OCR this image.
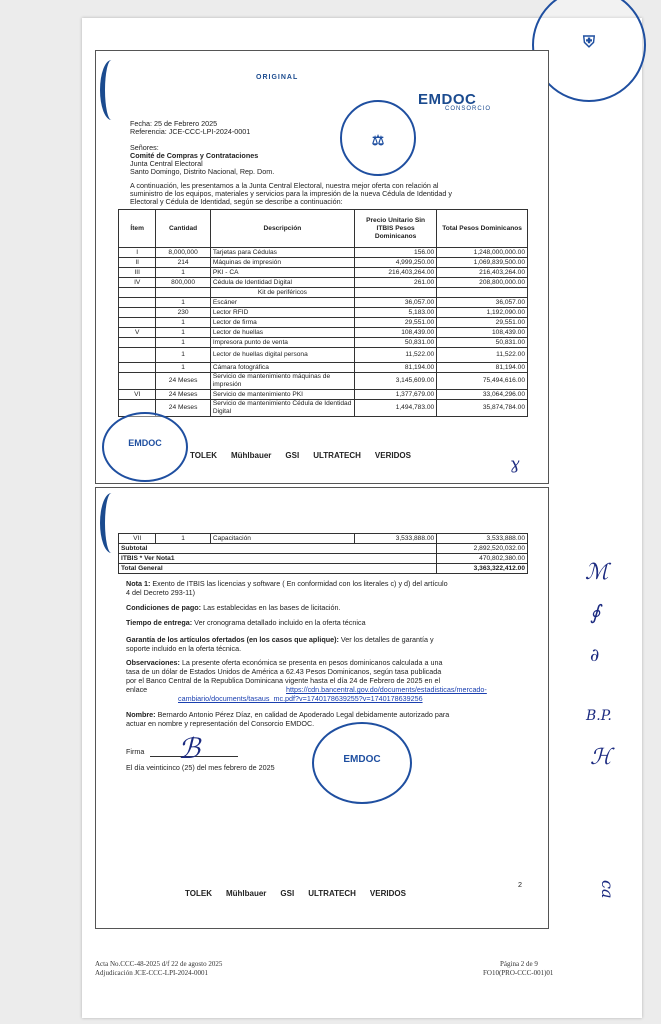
⛨
ORIGINAL
EMDOC
CONSORCIO
⚖
Fecha: 25 de Febrero 2025
Referencia: JCE-CCC-LPI-2024-0001
Señores:
Comité de Compras y Contrataciones
Junta Central Electoral
Santo Domingo, Distrito Nacional, Rep. Dom.
A continuación, les presentamos a la Junta Central Electoral, nuestra mejor oferta con relación al
suministro de los equipos, materiales y servicios para la impresión de la nueva Cédula de Identidad y
Electoral y Cédula de Identidad, según se describe a continuación:
Ítem	Cantidad	Descripción	Precio Unitario Sin ITBIS Pesos Dominicanos	Total Pesos Dominicanos
I	8,000,000	Tarjetas para Cédulas	156.00	1,248,000,000.00
II	214	Máquinas de impresión	4,999,250.00	1,069,839,500.00
III	1	PKI - CA	216,403,264.00	216,403,264.00
IV	800,000	Cédula de Identidad Digital	261.00	208,800,000.00
		Kit de periféricos		
	1	Escáner	36,057.00	36,057.00
	230	Lector RFID	5,183.00	1,192,090.00
	1	Lector de firma	29,551.00	29,551.00
V	1	Lector de huellas	108,439.00	108,439.00
	1	Impresora punto de venta	50,831.00	50,831.00
	1	Lector de huellas digital persona	11,522.00	11,522.00
	1	Cámara fotográfica	81,194.00	81,194.00
	24 Meses	Servicio de mantenimiento máquinas de impresión	3,145,609.00	75,494,616.00
VI	24 Meses	Servicio de mantenimiento PKI	1,377,679.00	33,064,296.00
	24 Meses	Servicio de mantenimiento Cédula de Identidad Digital	1,494,783.00	35,874,784.00
EMDOC
TOLEK Mühlbauer GSI ULTRATECH VERIDOS	ɣ
VII	1	Capacitación	3,533,888.00	3,533,888.00
Subtotal				2,892,520,032.00
ITBIS * Ver Nota1				470,802,380.00
Total General				3,363,322,412.00
Nota 1: Exento de ITBIS las licencias y software ( En conformidad con los literales c) y d) del artículo
4 del Decreto 293-11)
Condiciones de pago: Las establecidas en las bases de licitación.
Tiempo de entrega: Ver cronograma detallado incluido en la oferta técnica
Garantía de los artículos ofertados (en los casos que aplique): Ver los detalles de garantía y
soporte incluido en la oferta técnica.
Observaciones: La presente oferta económica se presenta en pesos dominicanos calculada a una
tasa de un dólar de Estados Unidos de América a 62.43 Pesos Dominicanos, según tasa publicada
por el Banco Central de la Republica Dominicana vigente hasta el día 24 de Febrero de 2025 en el
enlace	https://cdn.bancentral.gov.do/documents/estadisticas/mercado-
cambiario/documents/tasaus_mc.pdf?v=1740178639255?v=1740178639256
Nombre: Bernardo Antonio Pérez Díaz, en calidad de Apoderado Legal debidamente autorizado para
actuar en nombre y representación del Consorcio EMDOC.
Firma ℬ
El día veinticinco (25) del mes febrero de 2025
EMDOC
2
TOLEK Mühlbauer GSI ULTRATECH VERIDOS
ℳ
∮
∂
B.P.
ℋ
ca
Acta No.CCC-48-2025 d/f 22 de agosto 2025
Adjudicación JCE-CCC-LPI-2024-0001
Página 2 de 9
FO10(PRO-CCC-001)01
